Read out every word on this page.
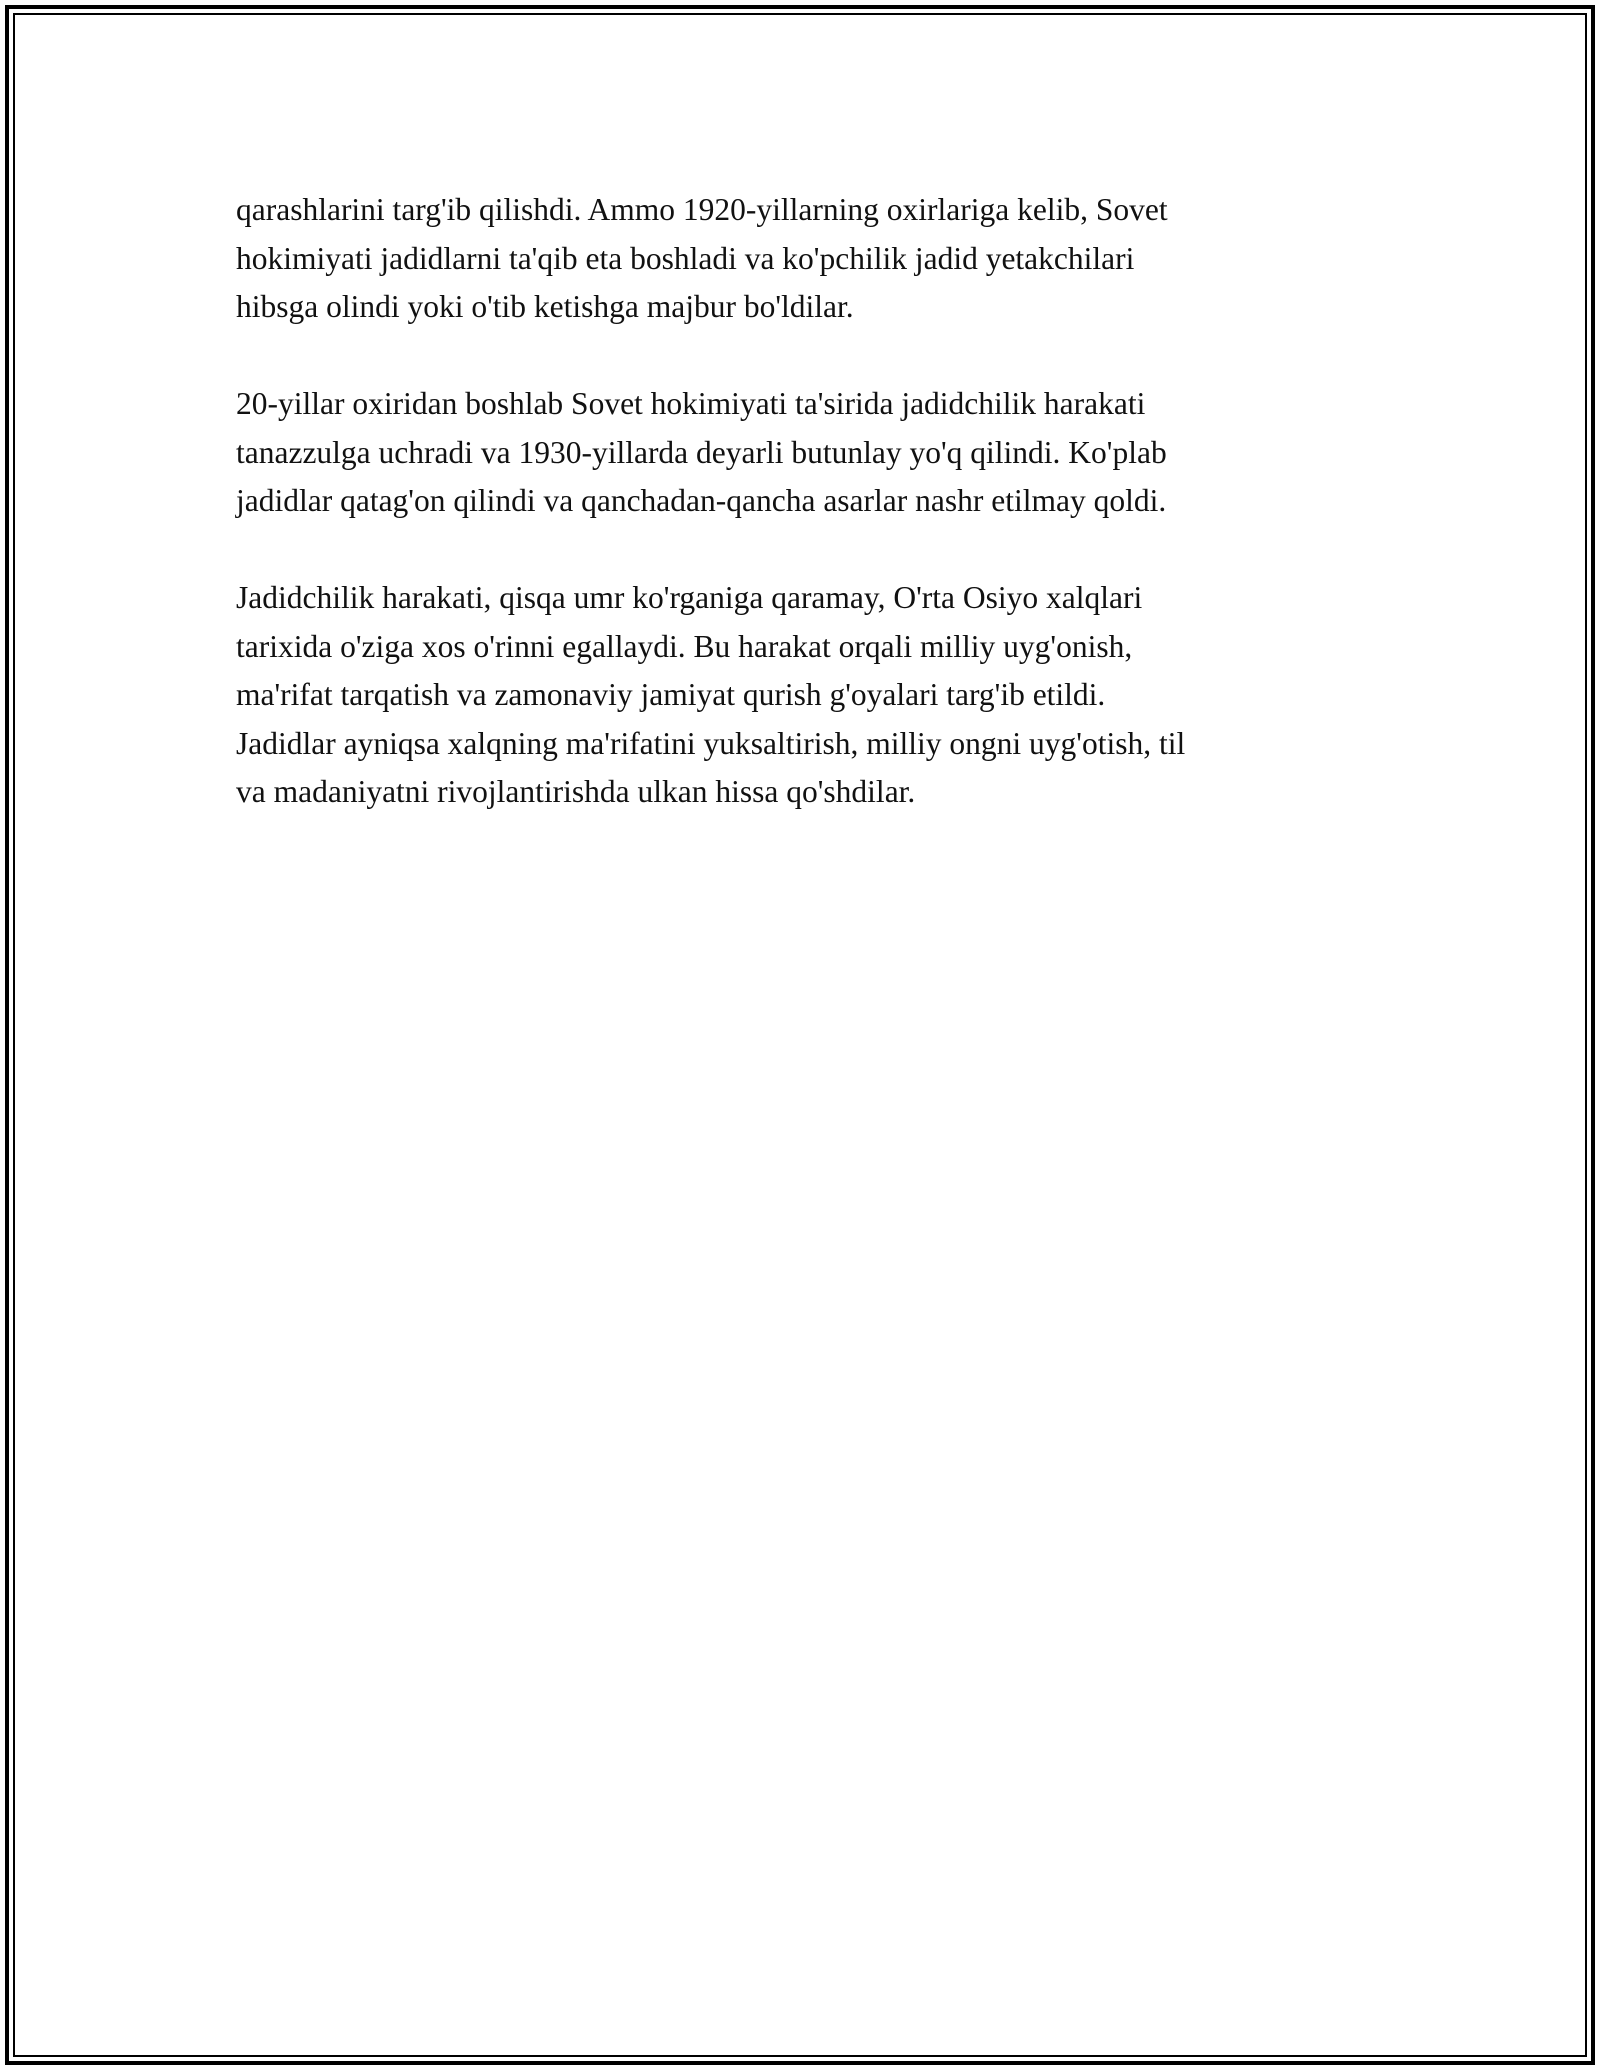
qarashlarini targ'ib qilishdi. Ammo 1920-yillarning oxirlariga kelib, Sovet
hokimiyati jadidlarni ta'qib eta boshladi va ko'pchilik jadid yetakchilari
hibsga olindi yoki o'tib ketishga majbur bo'ldilar.

20-yillar oxiridan boshlab Sovet hokimiyati ta'sirida jadidchilik harakati
tanazzulga uchradi va 1930-yillarda deyarli butunlay yo'q qilindi. Ko'plab
jadidlar qatag'on qilindi va qanchadan-qancha asarlar nashr etilmay qoldi.

Jadidchilik harakati, qisqa umr ko'rganiga qaramay, O'rta Osiyo xalqlari
tarixida o'ziga xos o'rinni egallaydi. Bu harakat orqali milliy uyg'onish,
ma'rifat tarqatish va zamonaviy jamiyat qurish g'oyalari targ'ib etildi.
Jadidlar ayniqsa xalqning ma'rifatini yuksaltirish, milliy ongni uyg'otish, til
va madaniyatni rivojlantirishda ulkan hissa qo'shdilar.
